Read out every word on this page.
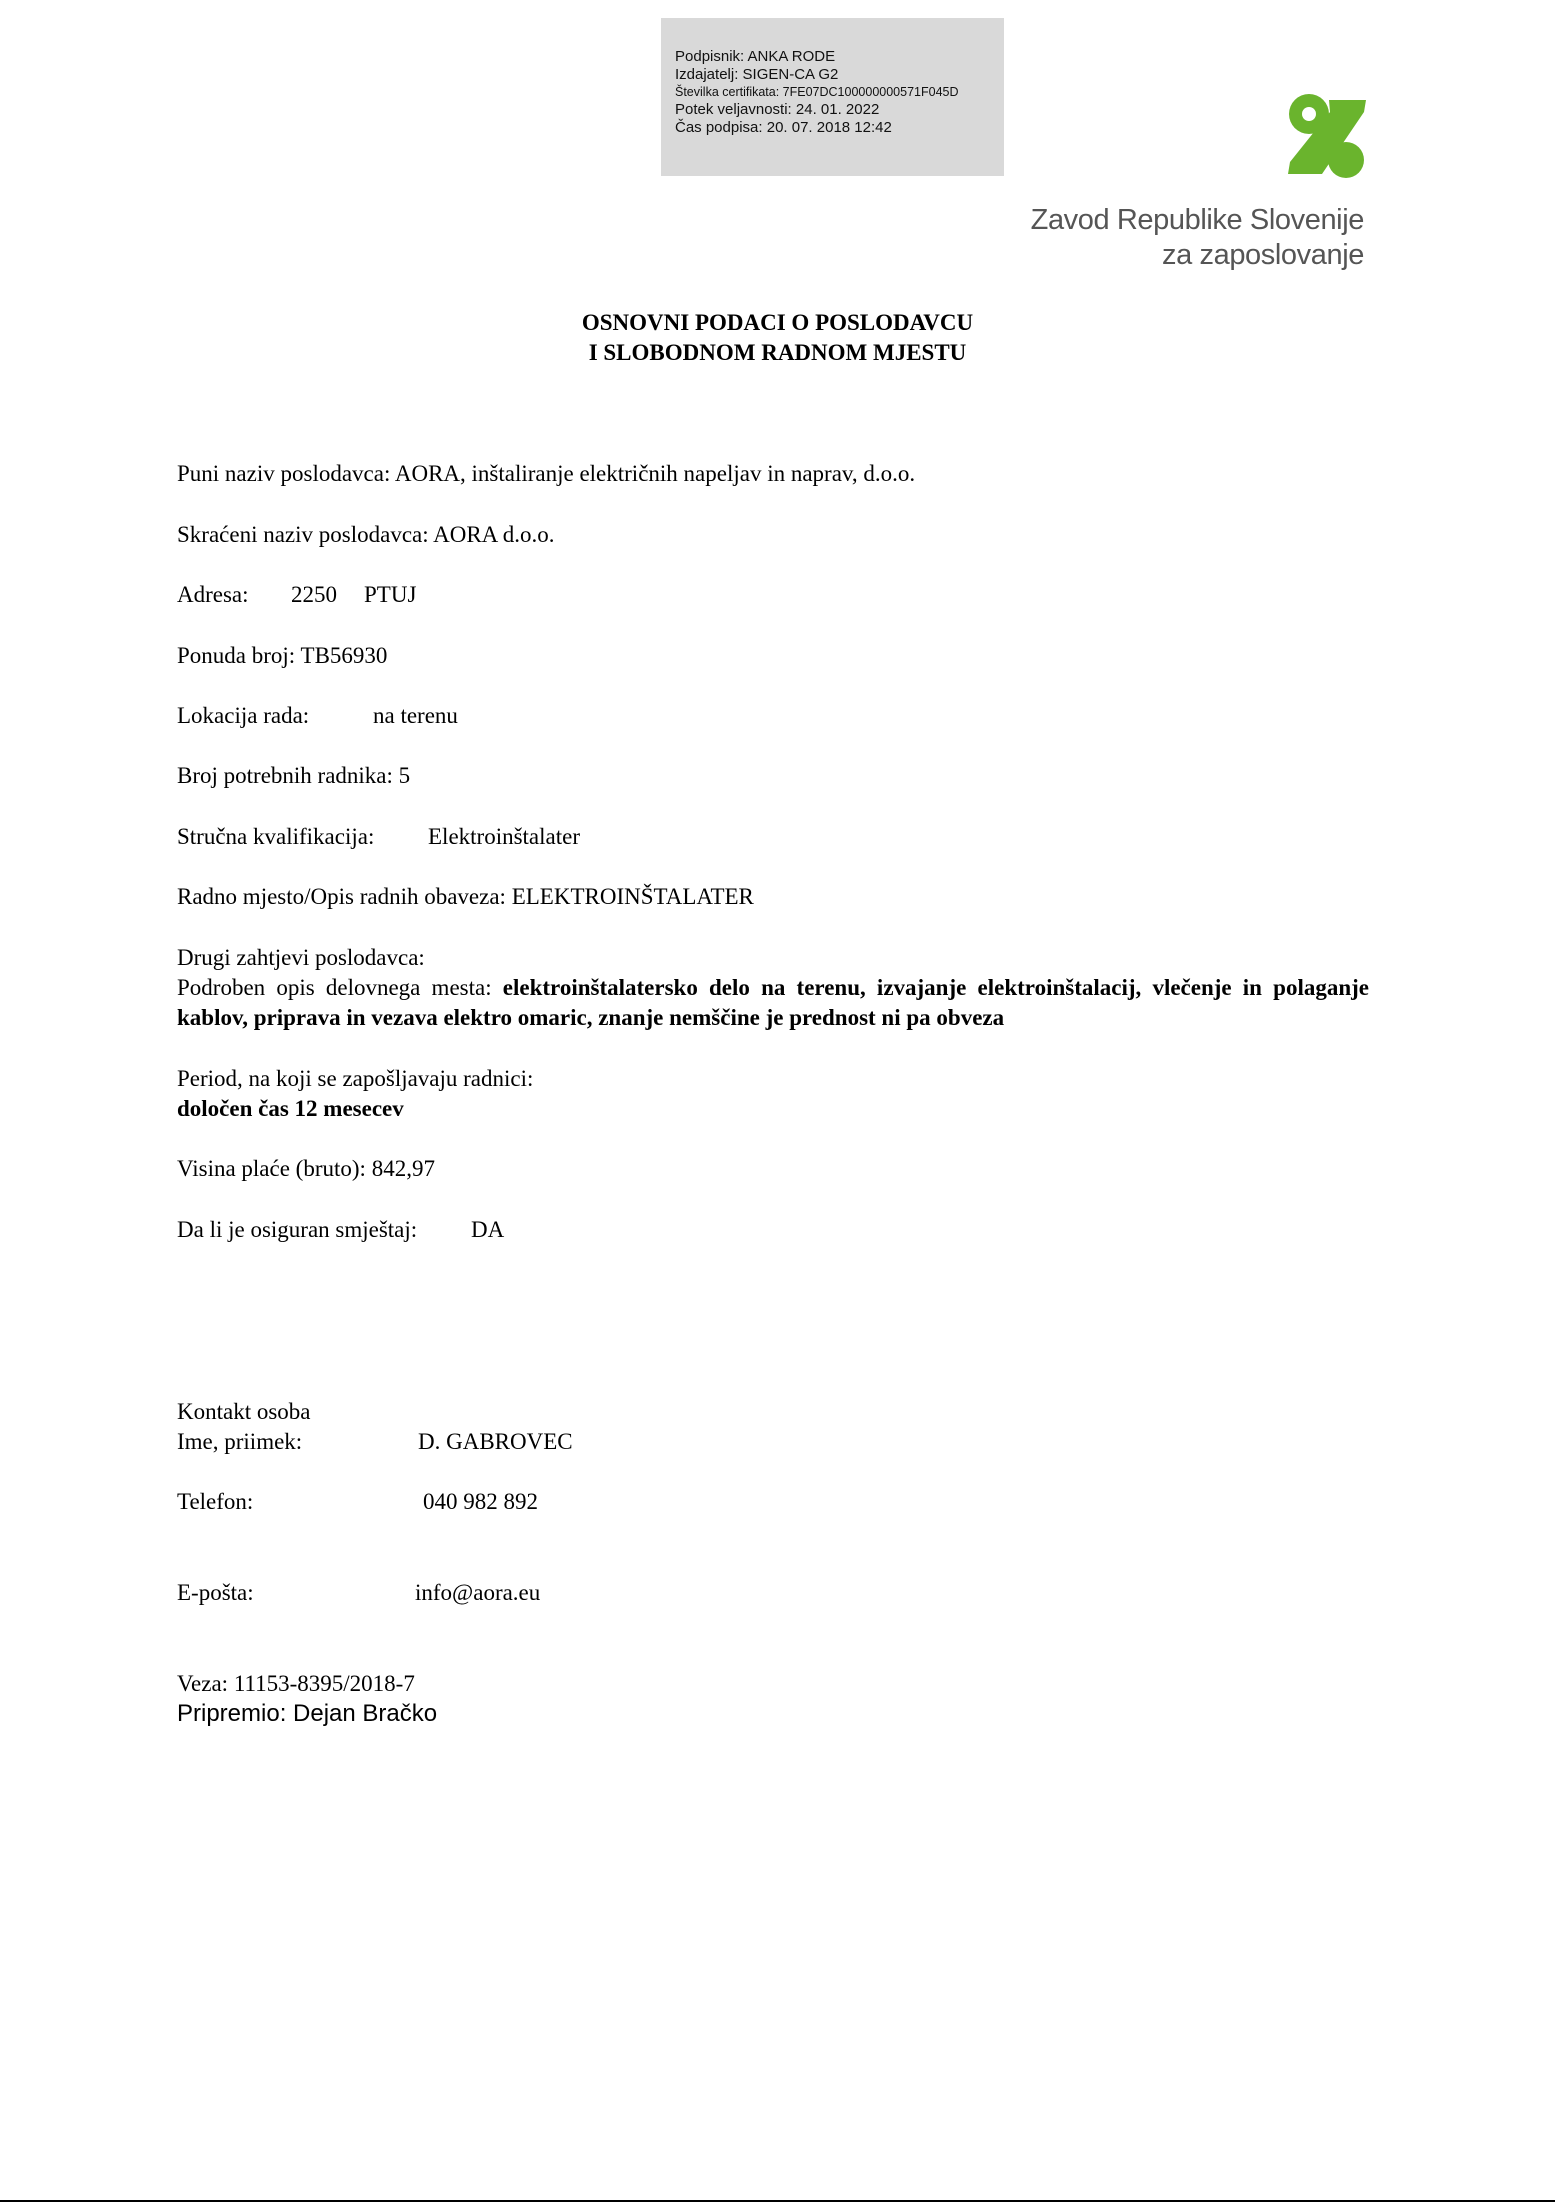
Podpisnik: ANKA RODE
Izdajatelj: SIGEN-CA G2
Številka certifikata: 7FE07DC100000000571F045D
Potek veljavnosti: 24. 01. 2022
Čas podpisa: 20. 07. 2018 12:42
Zavod Republike Slovenije
za zaposlovanje
OSNOVNI PODACI O POSLODAVCU
I SLOBODNOM RADNOM MJESTU
Puni naziv poslodavca: AORA, inštaliranje električnih napeljav in naprav, d.o.o.
Skraćeni naziv poslodavca: AORA d.o.o.
Adresa: 2250 PTUJ
Ponuda broj: TB56930
Lokacija rada:	na terenu
Broj potrebnih radnika: 5
Stručna kvalifikacija: Elektroinštalater
Radno mjesto/Opis radnih obaveza: ELEKTROINŠTALATER
Drugi zahtjevi poslodavca:
Podroben opis delovnega mesta: elektroinštalatersko delo na terenu, izvajanje elektroinštalacij, vlečenje in polaganje kablov, priprava in vezava elektro omaric, znanje nemščine je prednost ni pa obveza
Period, na koji se zapošljavaju radnici:
določen čas 12 mesecev
Visina plaće (bruto): 842,97
Da li je osiguran smještaj: DA
Kontakt osoba
Ime, priimek:	D. GABROVEC
Telefon:	040 982 892
E-pošta:	info@aora.eu
Veza: 11153-8395/2018-7
Pripremio: Dejan Bračko
